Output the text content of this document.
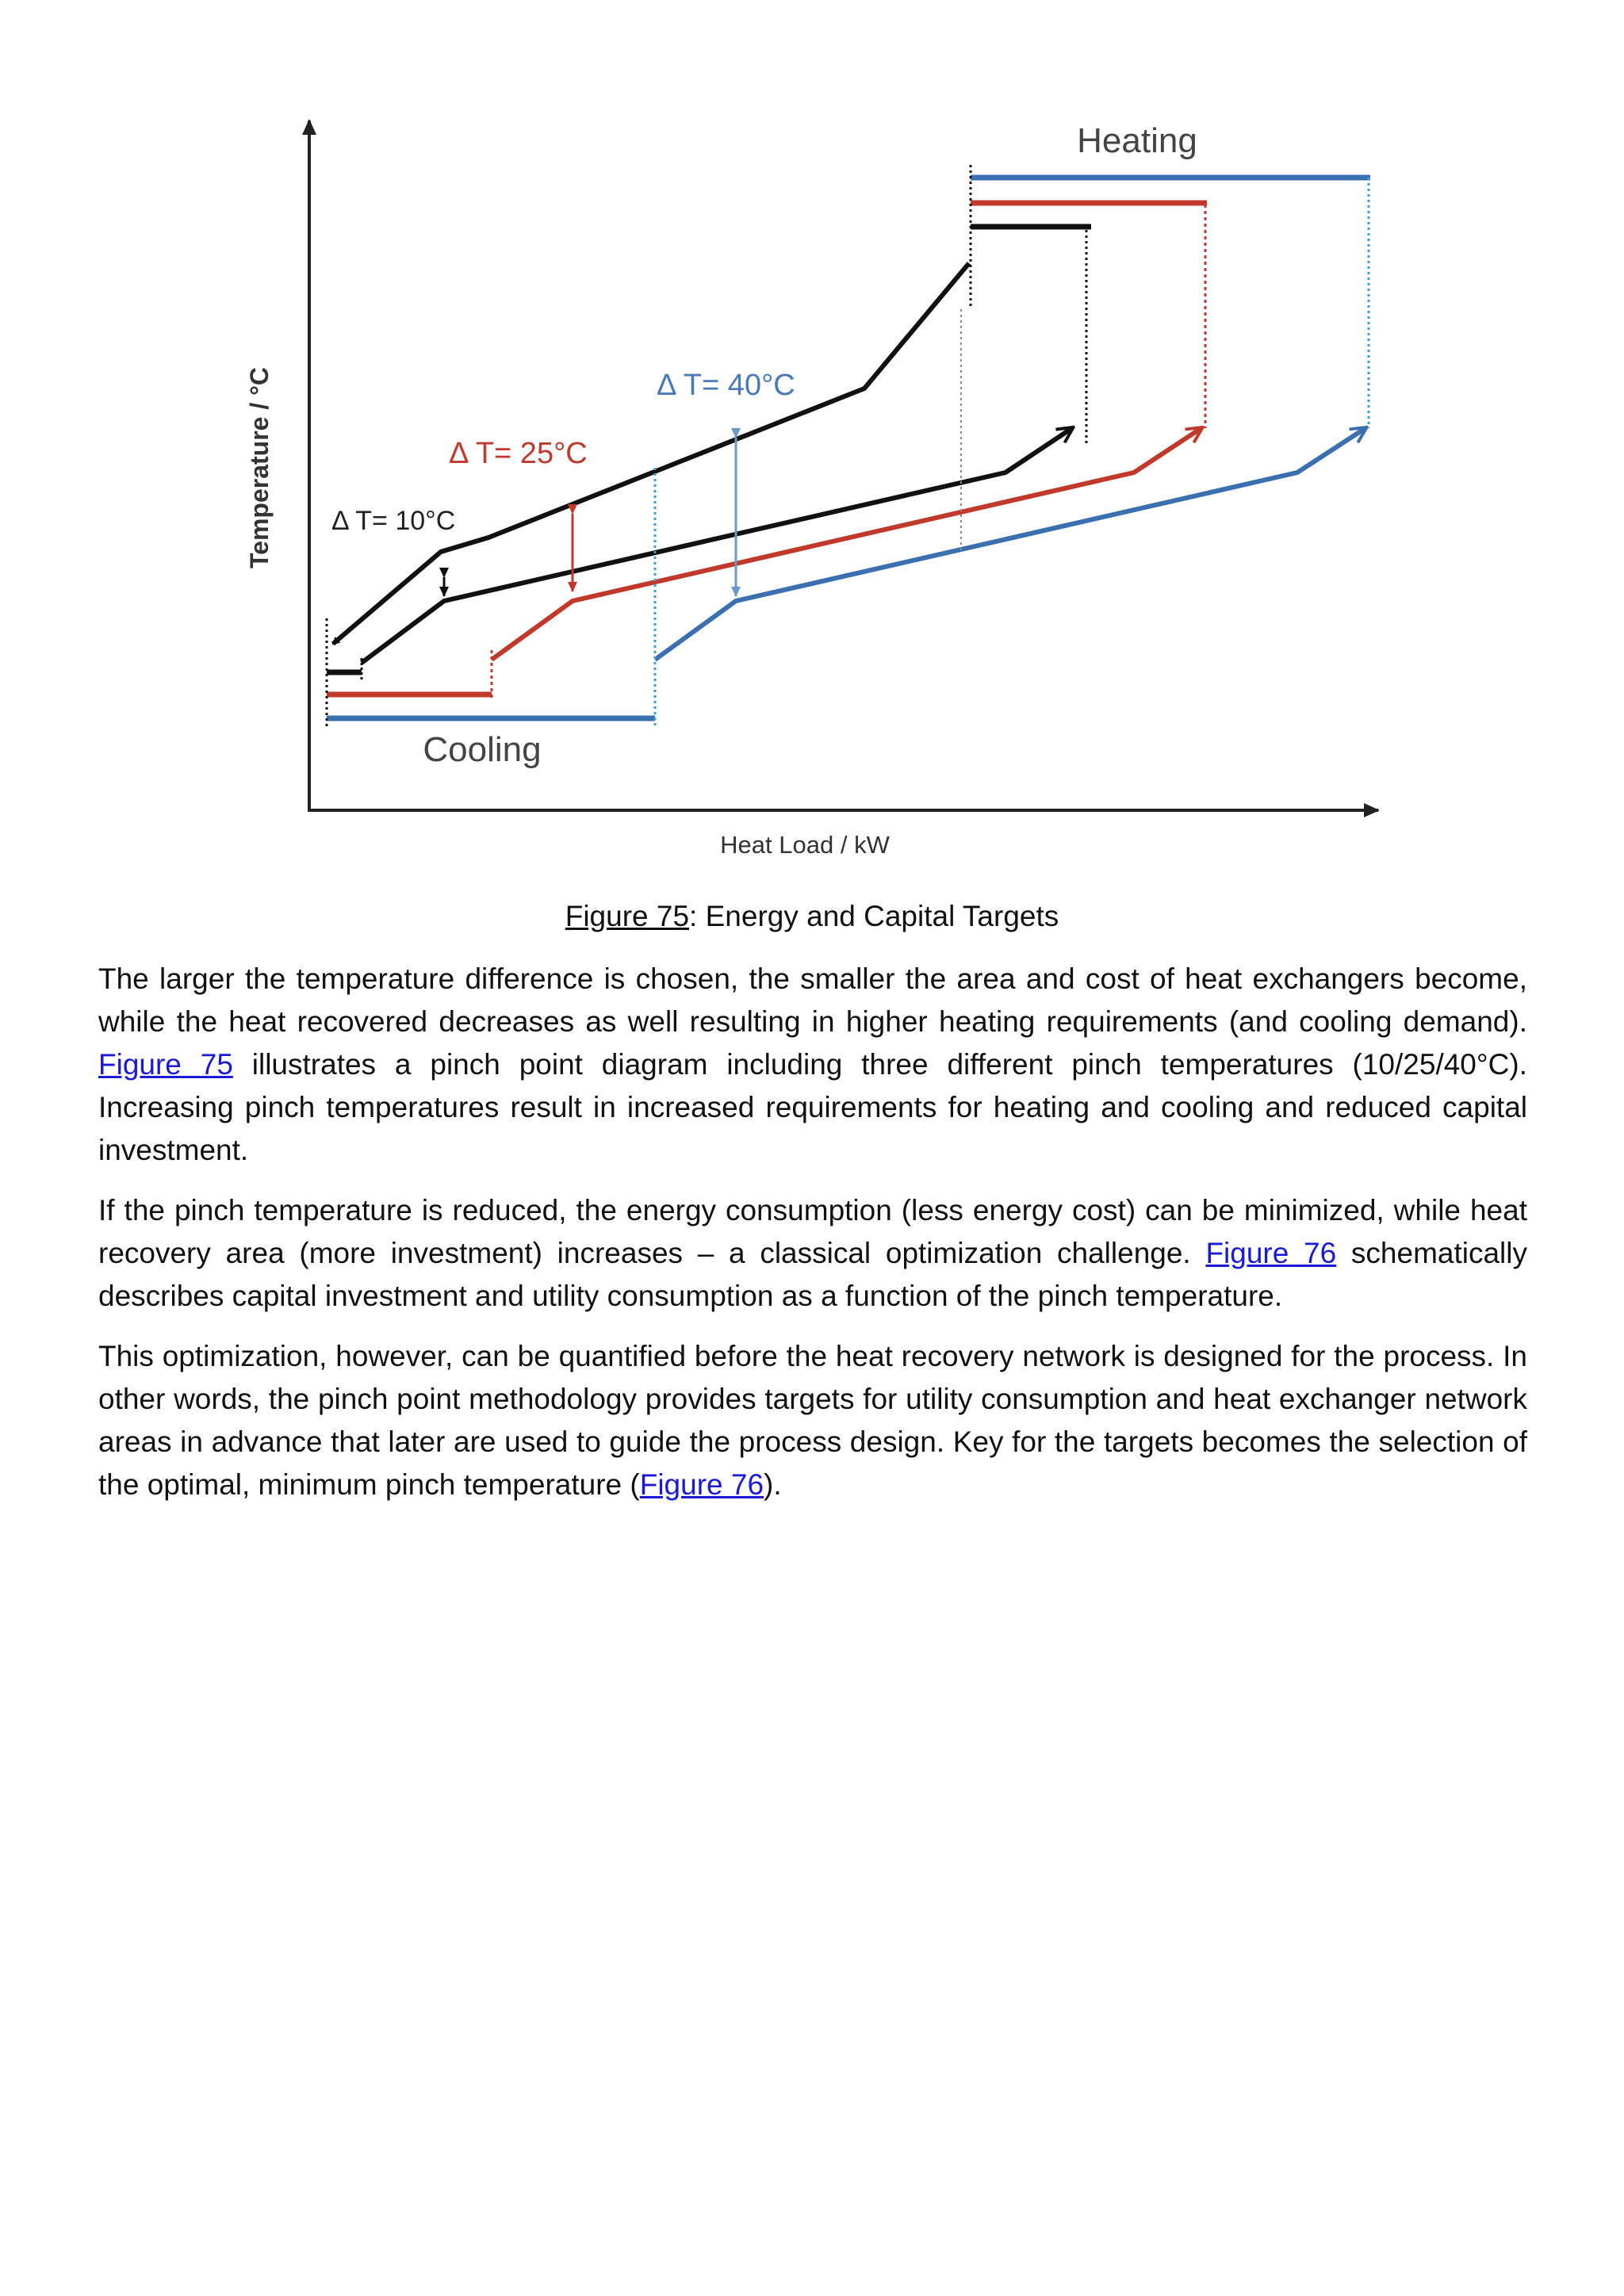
Temperature / °C
Heat Load / kW
Heating
Cooling
Δ T= 10°C
Δ T= 25°C
Δ T= 40°C
Figure 75: Energy and Capital Targets

The larger the temperature difference is chosen, the smaller the area and cost of heat exchangers become, while the heat recovered decreases as well resulting in higher heating requirements (and cooling demand). Figure 75 illustrates a pinch point diagram including three different pinch temperatures (10/25/40°C). Increasing pinch temperatures result in increased requirements for heating and cooling and reduced capital investment.

If the pinch temperature is reduced, the energy consumption (less energy cost) can be minimized, while heat recovery area (more investment) increases – a classical optimization challenge. Figure 76 schematically describes capital investment and utility consumption as a function of the pinch temperature.

This optimization, however, can be quantified before the heat recovery network is designed for the process. In other words, the pinch point methodology provides targets for utility consumption and heat exchanger network areas in advance that later are used to guide the process design. Key for the targets becomes the selection of the optimal, minimum pinch temperature (Figure 76).
